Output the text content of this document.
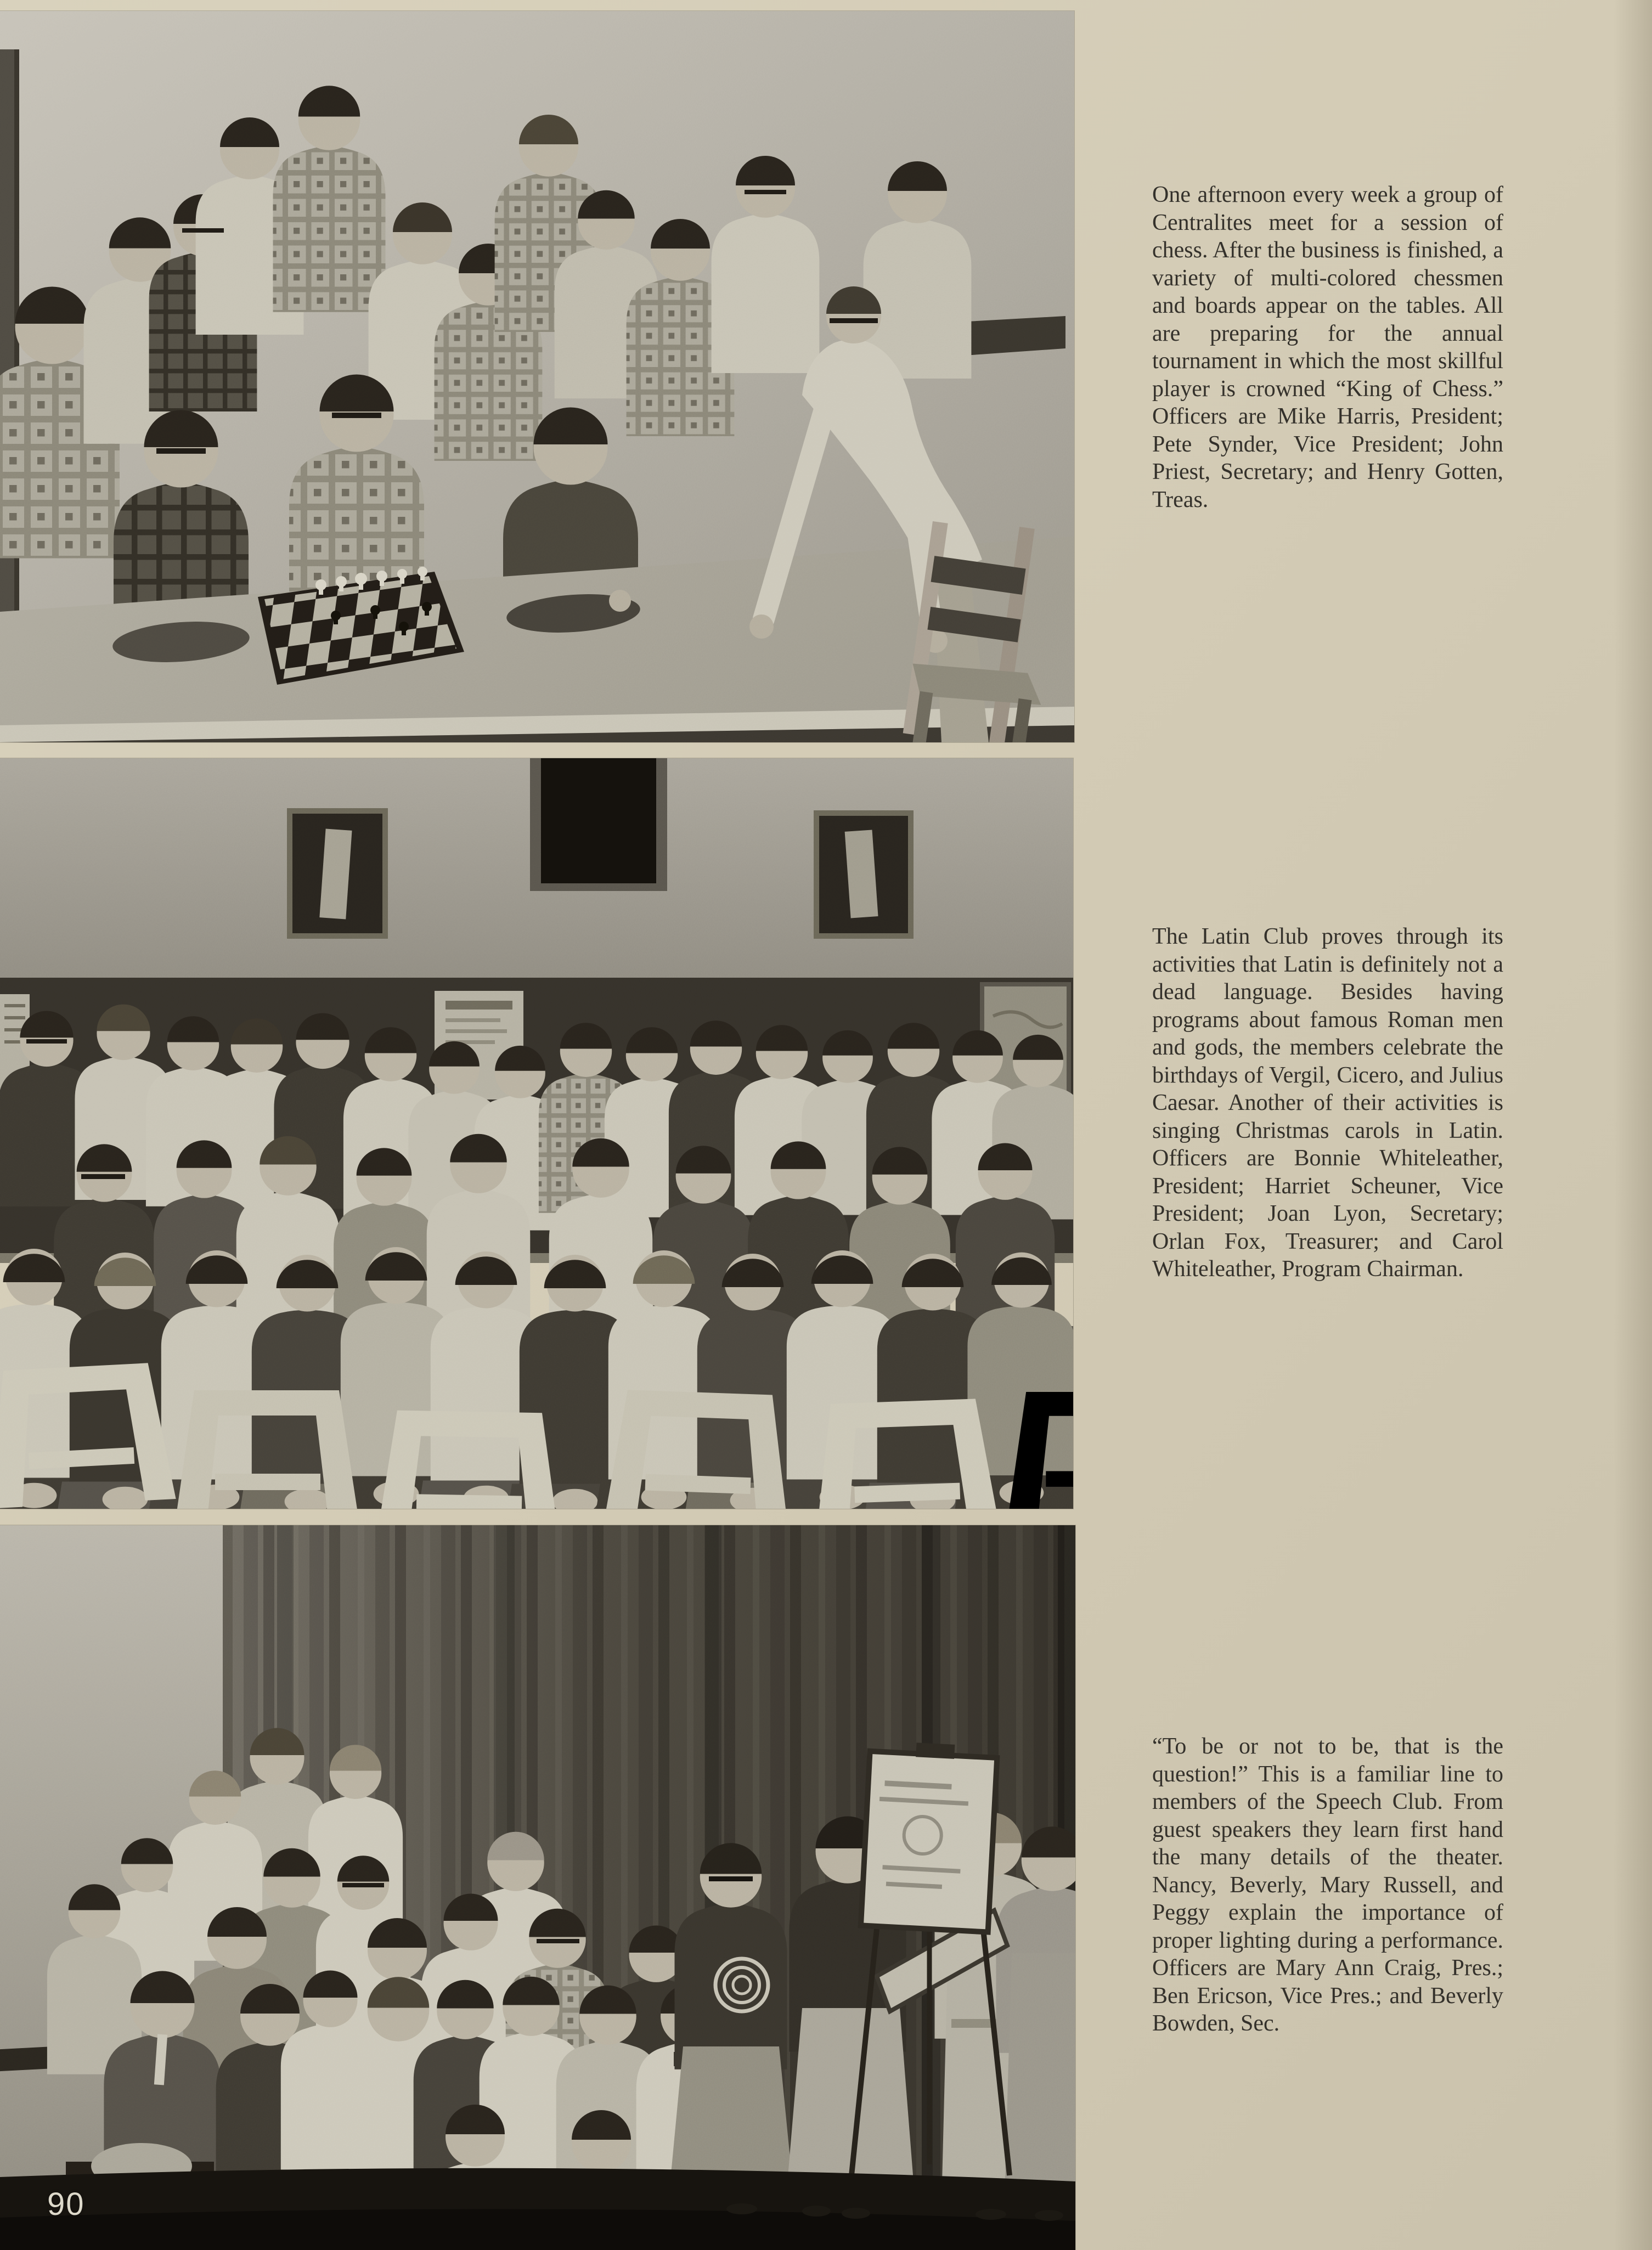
One afternoon every week a group of Centralites meet for a session of chess. After the business is finished, a variety of multi-colored chessmen and boards appear on the tables. All are preparing for the annual tournament in which the most skillful player is crowned “King of Chess.” Officers are Mike Harris, President; Pete Synder, Vice President; John Priest, Secretary; and Henry Gotten, Treas.

The Latin Club proves through its activities that Latin is definitely not a dead language. Besides having programs about famous Roman men and gods, the members celebrate the birthdays of Vergil, Cicero, and Julius Caesar. Another of their activities is singing Christmas carols in Latin. Officers are Bonnie Whiteleather, President; Harriet Scheuner, Vice President; Joan Lyon, Secretary; Orlan Fox, Treasurer; and Carol Whiteleather, Program Chairman.

“To be or not to be, that is the question!” This is a familiar line to members of the Speech Club. From guest speakers they learn first hand the many details of the theater. Nancy, Beverly, Mary Russell, and Peggy explain the importance of proper lighting during a performance. Officers are Mary Ann Craig, Pres.; Ben Ericson, Vice Pres.; and Beverly Bowden, Sec.

90
